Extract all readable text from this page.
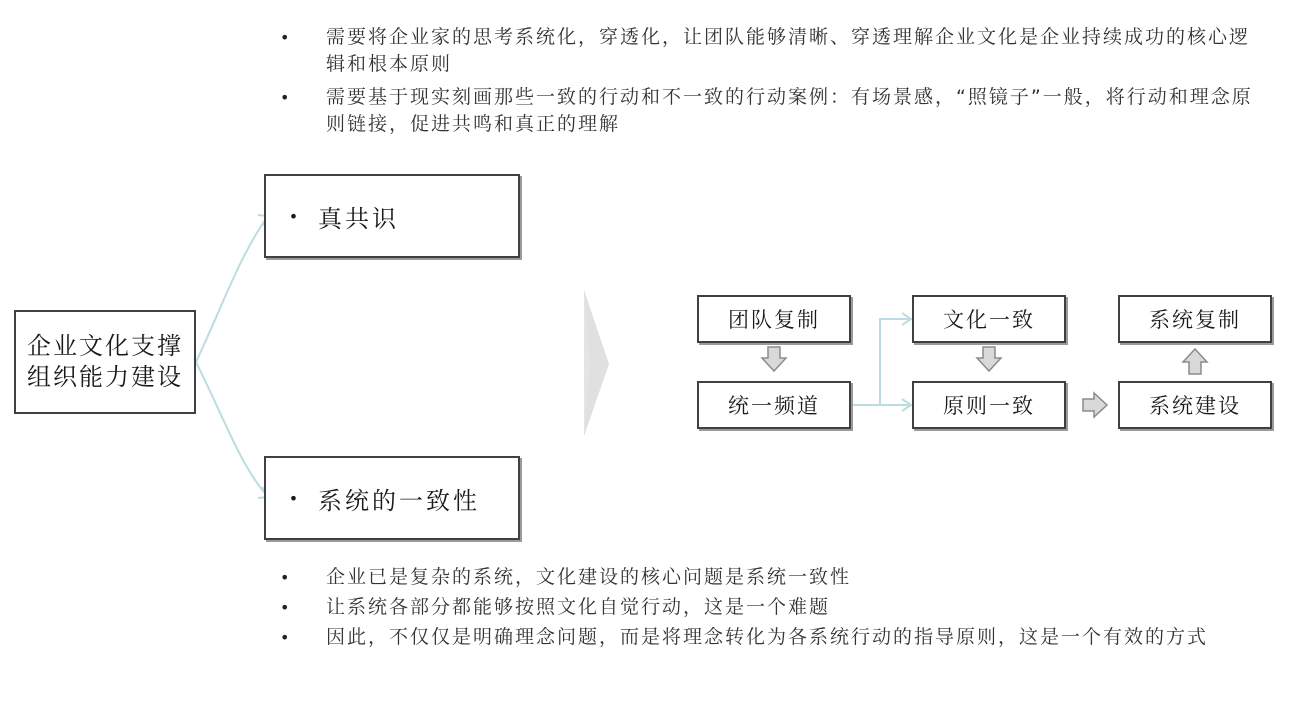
• 需要将企业家的思考系统化，穿透化，让团队能够清晰、穿透理解企业文化是企业持续成功的核心逻辑和根本原则
• 需要基于现实刻画那些一致的行动和不一致的行动案例：有场景感，“照镜子”一般，将行动和理念原则链接，促进共鸣和真正的理解
企业文化支撑组织能力建设
• 真共识
• 系统的一致性
团队复制
统一频道
文化一致
原则一致
系统复制
系统建设
• 企业已是复杂的系统，文化建设的核心问题是系统一致性
• 让系统各部分都能够按照文化自觉行动，这是一个难题
• 因此，不仅仅是明确理念问题，而是将理念转化为各系统行动的指导原则，这是一个有效的方式
